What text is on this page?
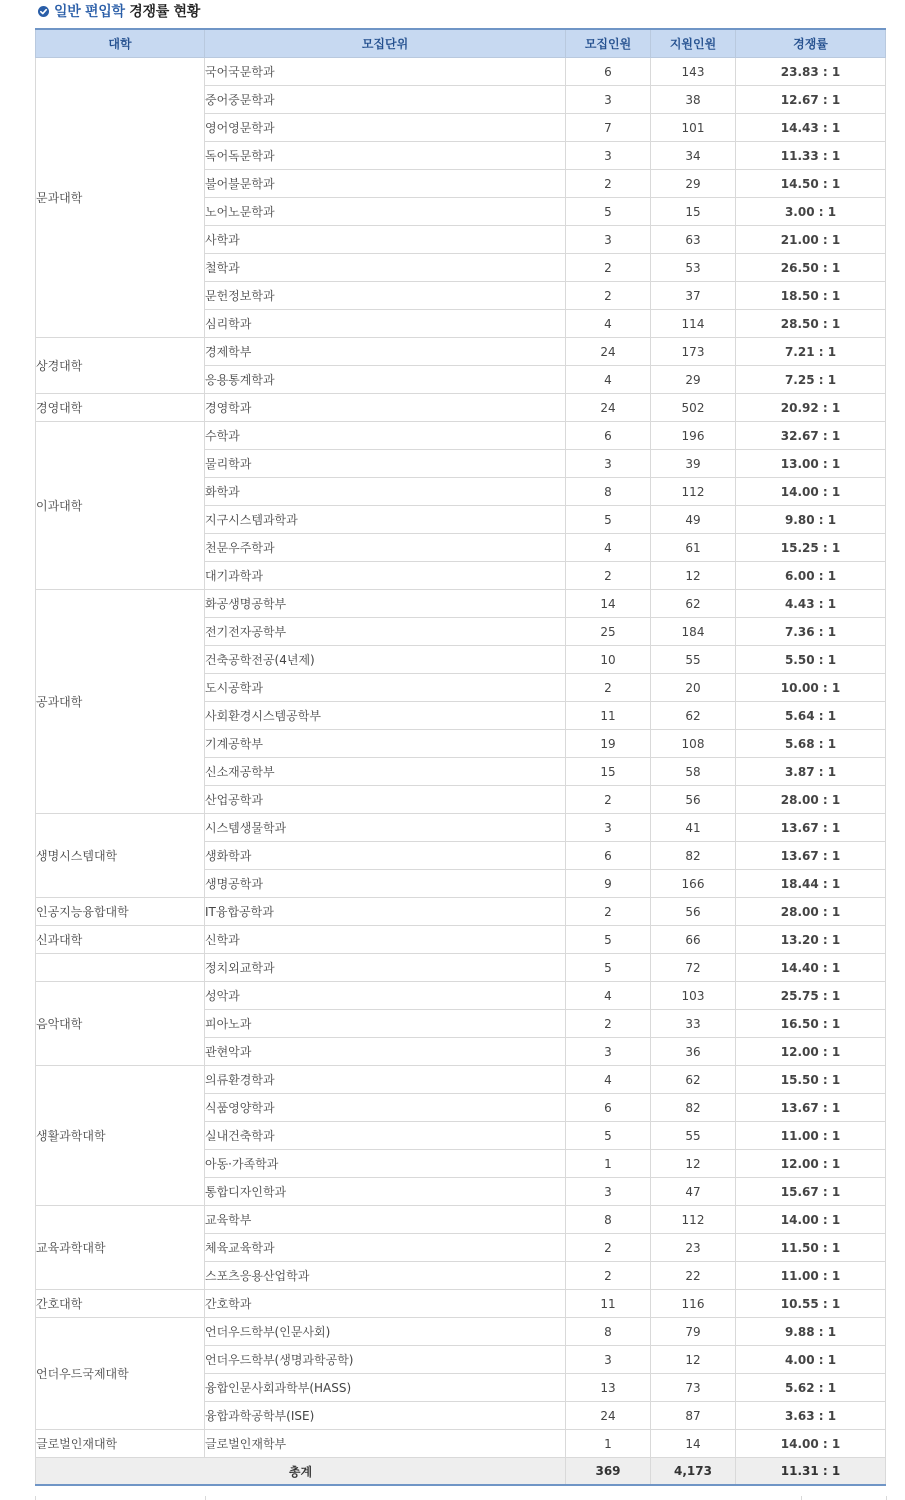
일반 편입학 경쟁률 현황
대학	모집단위	모집인원	지원인원	경쟁률
문과대학	국어국문학과	6	143	23.83 : 1
	중어중문학과	3	38	12.67 : 1
	영어영문학과	7	101	14.43 : 1
	독어독문학과	3	34	11.33 : 1
	불어불문학과	2	29	14.50 : 1
	노어노문학과	5	15	3.00 : 1
	사학과	3	63	21.00 : 1
	철학과	2	53	26.50 : 1
	문헌정보학과	2	37	18.50 : 1
	심리학과	4	114	28.50 : 1
상경대학	경제학부	24	173	7.21 : 1
	응용통계학과	4	29	7.25 : 1
경영대학	경영학과	24	502	20.92 : 1
이과대학	수학과	6	196	32.67 : 1
	물리학과	3	39	13.00 : 1
	화학과	8	112	14.00 : 1
	지구시스템과학과	5	49	9.80 : 1
	천문우주학과	4	61	15.25 : 1
	대기과학과	2	12	6.00 : 1
공과대학	화공생명공학부	14	62	4.43 : 1
	전기전자공학부	25	184	7.36 : 1
	건축공학전공(4년제)	10	55	5.50 : 1
	도시공학과	2	20	10.00 : 1
	사회환경시스템공학부	11	62	5.64 : 1
	기계공학부	19	108	5.68 : 1
	신소재공학부	15	58	3.87 : 1
	산업공학과	2	56	28.00 : 1
생명시스템대학	시스템생물학과	3	41	13.67 : 1
	생화학과	6	82	13.67 : 1
	생명공학과	9	166	18.44 : 1
인공지능융합대학	IT융합공학과	2	56	28.00 : 1
신과대학	신학과	5	66	13.20 : 1
	정치외교학과	5	72	14.40 : 1
음악대학	성악과	4	103	25.75 : 1
	피아노과	2	33	16.50 : 1
	관현악과	3	36	12.00 : 1
생활과학대학	의류환경학과	4	62	15.50 : 1
	식품영양학과	6	82	13.67 : 1
	실내건축학과	5	55	11.00 : 1
	아동·가족학과	1	12	12.00 : 1
	통합디자인학과	3	47	15.67 : 1
교육과학대학	교육학부	8	112	14.00 : 1
	체육교육학과	2	23	11.50 : 1
	스포츠응용산업학과	2	22	11.00 : 1
간호대학	간호학과	11	116	10.55 : 1
언더우드국제대학	언더우드학부(인문사회)	8	79	9.88 : 1
	언더우드학부(생명과학공학)	3	12	4.00 : 1
	융합인문사회과학부(HASS)	13	73	5.62 : 1
	융합과학공학부(ISE)	24	87	3.63 : 1
글로벌인재대학	글로벌인재학부	1	14	14.00 : 1
총계		369	4,173	11.31 : 1
